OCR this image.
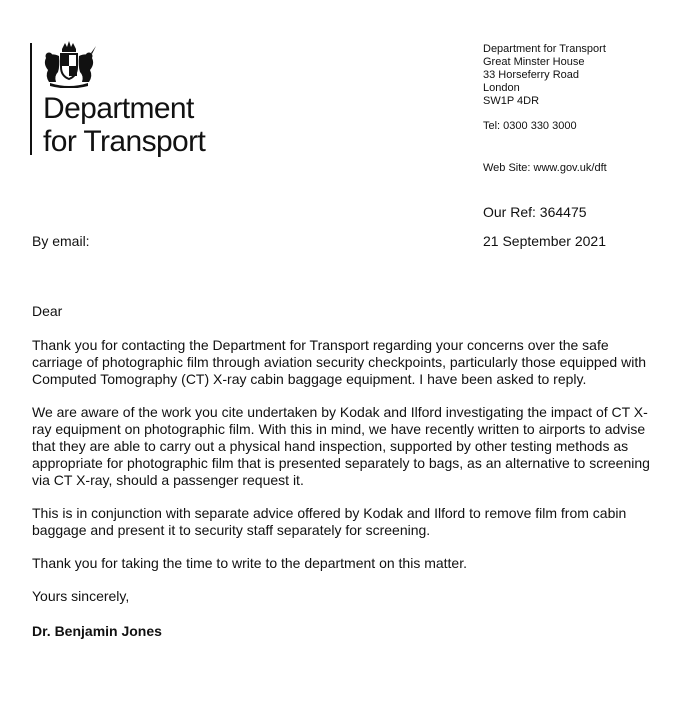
Department
for Transport
Department for Transport
Great Minster House
33 Horseferry Road
London
SW1P 4DR
Tel: 0300 330 3000
Web Site: www.gov.uk/dft
Our Ref: 364475
By email:	21 September 2021

Dear

Thank you for contacting the Department for Transport regarding your concerns over the safe carriage of photographic film through aviation security checkpoints, particularly those equipped with Computed Tomography (CT) X-ray cabin baggage equipment. I have been asked to reply.

We are aware of the work you cite undertaken by Kodak and Ilford investigating the impact of CT X-ray equipment on photographic film. With this in mind, we have recently written to airports to advise that they are able to carry out a physical hand inspection, supported by other testing methods as appropriate for photographic film that is presented separately to bags, as an alternative to screening via CT X-ray, should a passenger request it.

This is in conjunction with separate advice offered by Kodak and Ilford to remove film from cabin baggage and present it to security staff separately for screening.

Thank you for taking the time to write to the department on this matter.

Yours sincerely,

Dr. Benjamin Jones
